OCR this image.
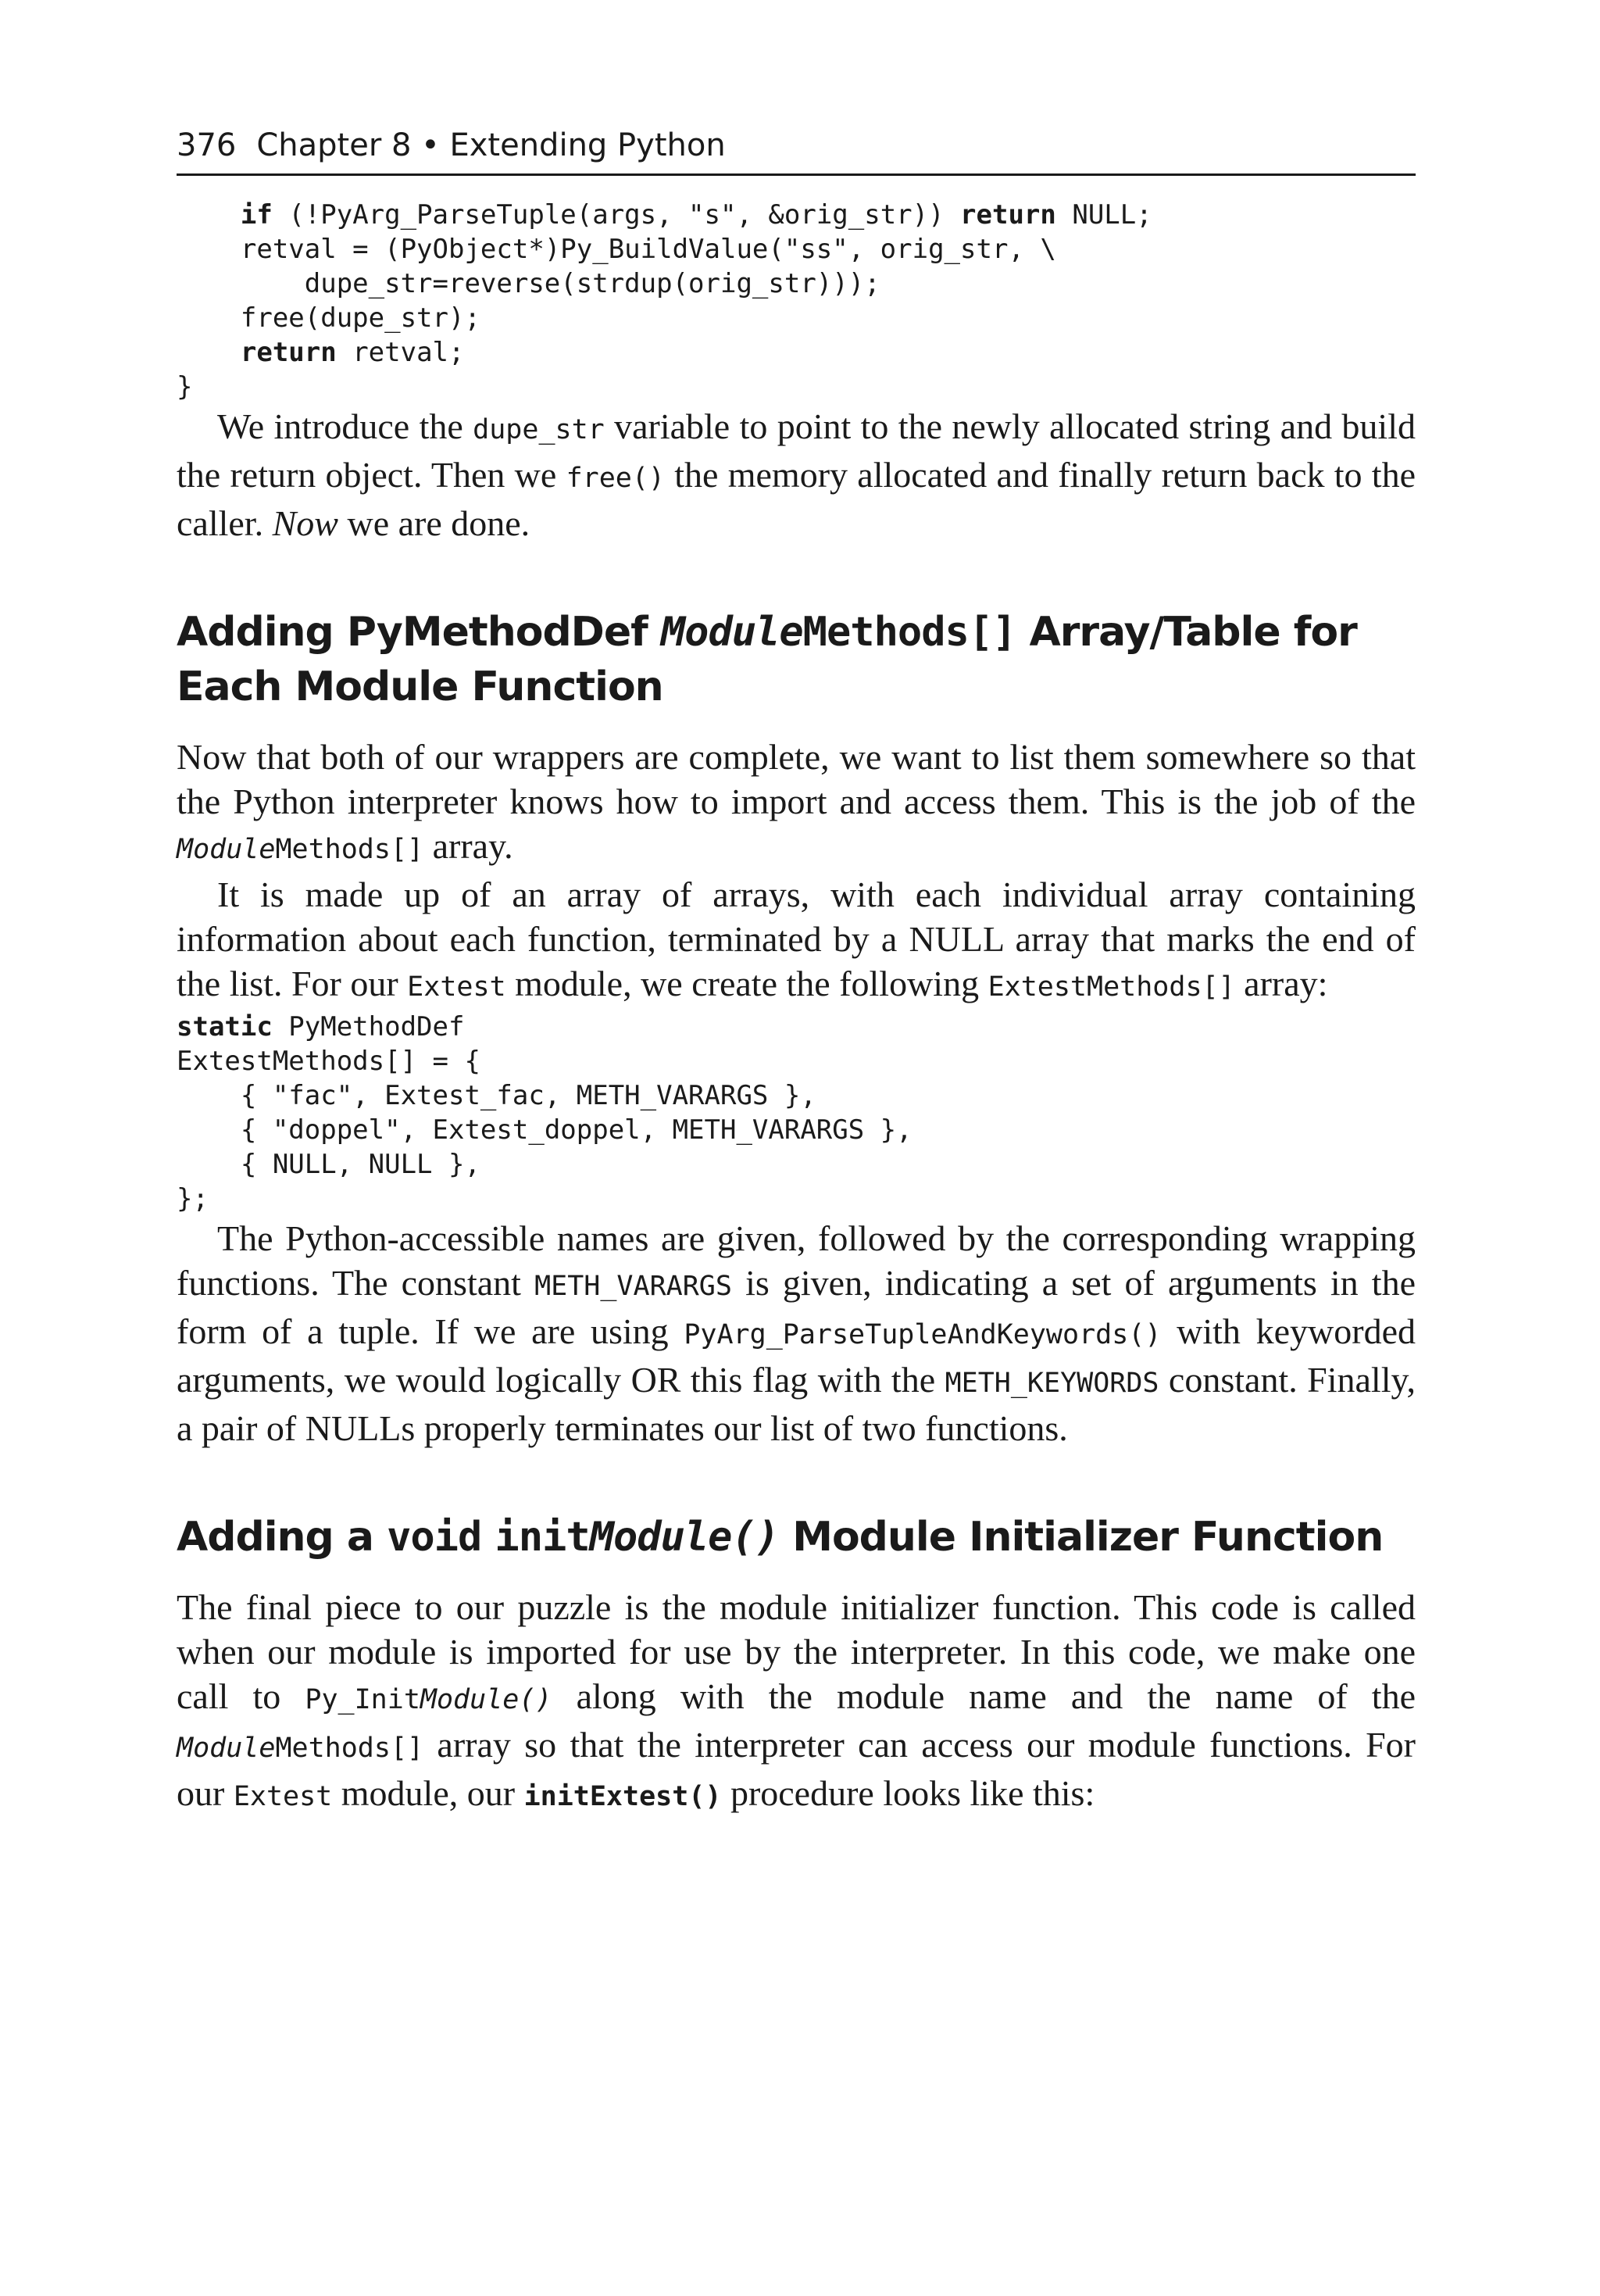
376 Chapter 8 • Extending Python
if (!PyArg_ParseTuple(args, "s", &orig_str)) return NULL;
retval = (PyObject*)Py_BuildValue("ss", orig_str, \
dupe_str=reverse(strdup(orig_str)));
free(dupe_str);
return retval;
}

We introduce the dupe_str variable to point to the newly allocated string and build the return object. Then we free() the memory allocated and finally return back to the caller. Now we are done.

Adding PyMethodDef ModuleMethods[] Array/Table for Each Module Function

Now that both of our wrappers are complete, we want to list them somewhere so that the Python interpreter knows how to import and access them. This is the job of the ModuleMethods[] array.

It is made up of an array of arrays, with each individual array containing information about each function, terminated by a NULL array that marks the end of the list. For our Extest module, we create the following ExtestMethods[] array:

static PyMethodDef
ExtestMethods[] = {
{ "fac", Extest_fac, METH_VARARGS },
{ "doppel", Extest_doppel, METH_VARARGS },
{ NULL, NULL },
};

The Python-accessible names are given, followed by the corresponding wrapping functions. The constant METH_VARARGS is given, indicating a set of arguments in the form of a tuple. If we are using PyArg_ParseTupleAndKeywords() with keyworded arguments, we would logically OR this flag with the METH_KEYWORDS constant. Finally, a pair of NULLs properly terminates our list of two functions.

Adding a void initModule() Module Initializer Function

The final piece to our puzzle is the module initializer function. This code is called when our module is imported for use by the interpreter. In this code, we make one call to Py_InitModule() along with the module name and the name of the ModuleMethods[] array so that the interpreter can access our module functions. For our Extest module, our initExtest() procedure looks like this:
